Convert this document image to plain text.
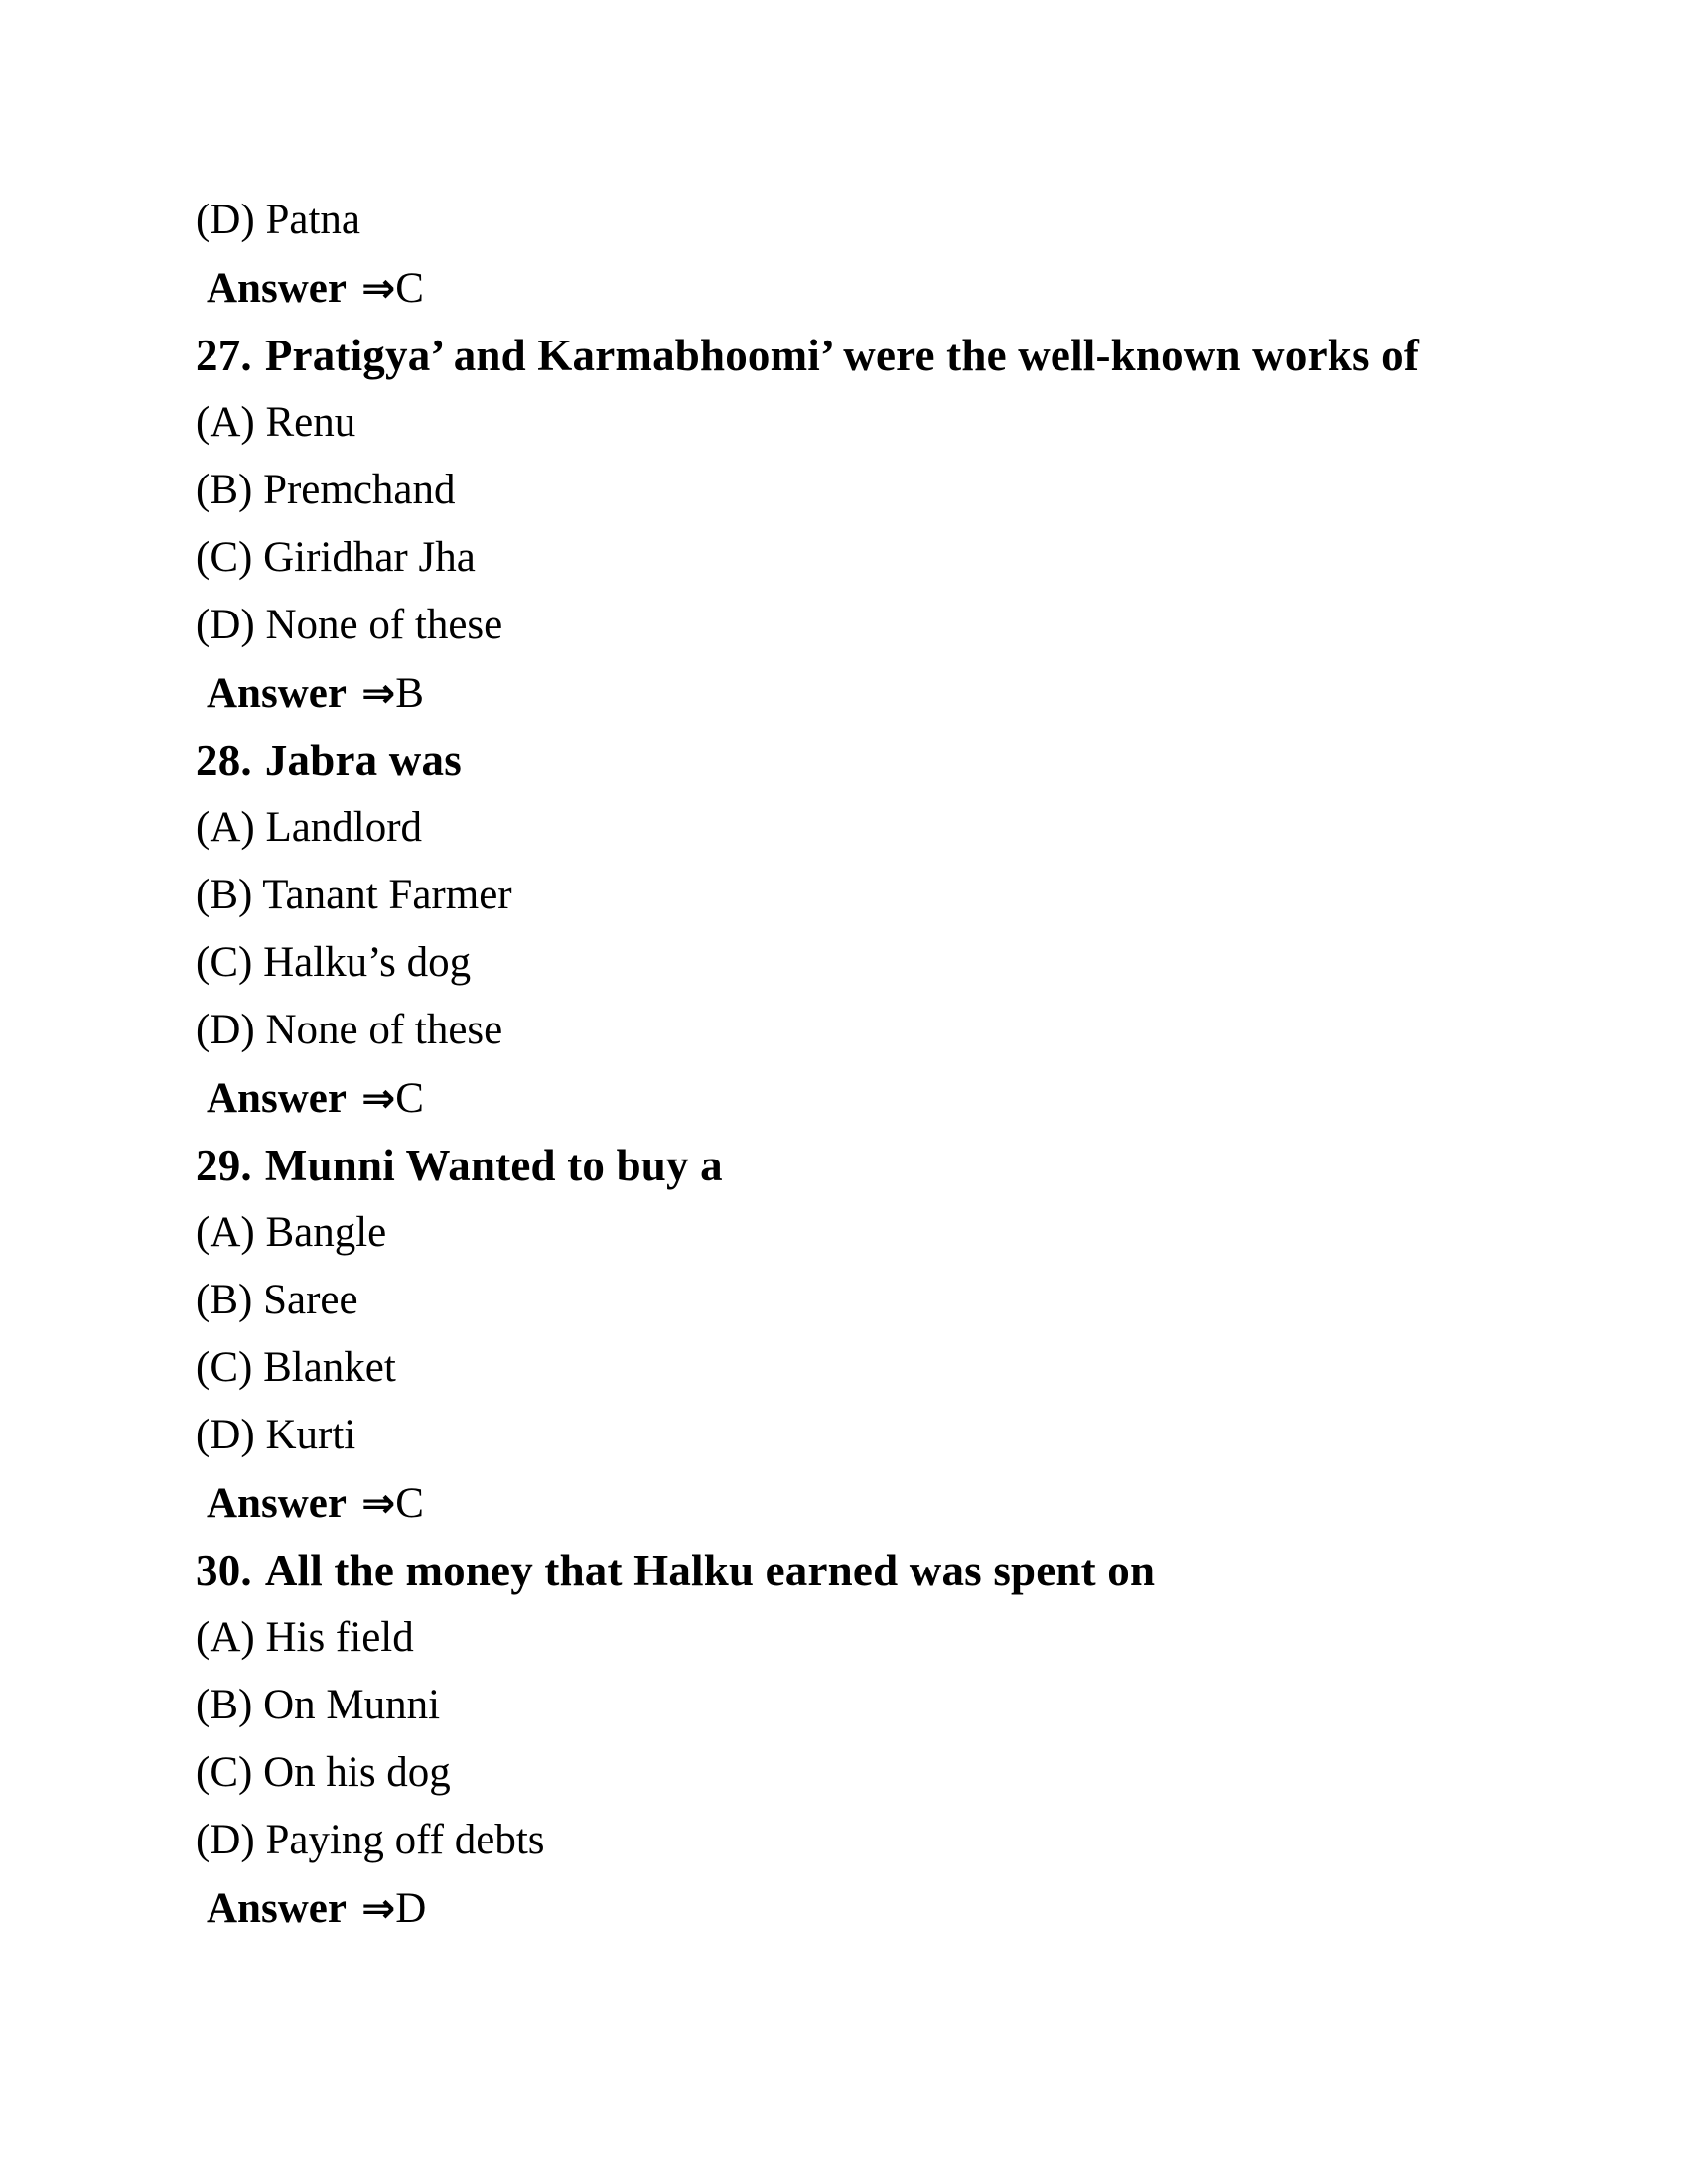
(D) Patna
Answer ⇒C
27. Pratigya’ and Karmabhoomi’ were the well-known works of
(A) Renu
(B) Premchand
(C) Giridhar Jha
(D) None of these
Answer ⇒B
28. Jabra was
(A) Landlord
(B) Tanant Farmer
(C) Halku’s dog
(D) None of these
Answer ⇒C
29. Munni Wanted to buy a
(A) Bangle
(B) Saree
(C) Blanket
(D) Kurti
Answer ⇒C
30. All the money that Halku earned was spent on
(A) His field
(B) On Munni
(C) On his dog
(D) Paying off debts
Answer ⇒D
